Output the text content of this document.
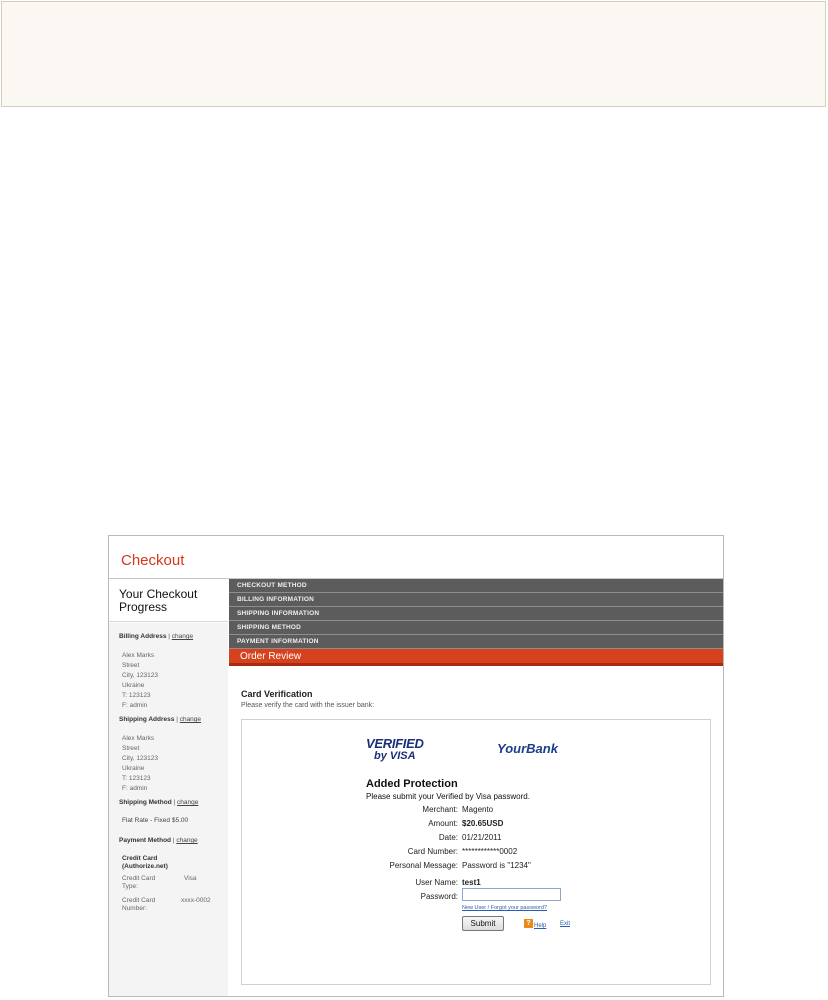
Checkout
Your Checkout Progress
Billing Address | change
Alex Marks
Street
City, 123123
Ukraine
T: 123123
F: admin
Shipping Address | change
Alex Marks
Street
City, 123123
Ukraine
T: 123123
F: admin
Shipping Method | change
Flat Rate - Fixed $5.00
Payment Method | change
Credit Card
(Authorize.net)
Credit Card
Type:
Visa
Credit Card
Number:
xxxx-0002
CHECKOUT METHOD
BILLING INFORMATION
SHIPPING INFORMATION
SHIPPING METHOD
PAYMENT INFORMATION
Order Review
Card Verification
Please verify the card with the issuer bank:
VERIFIED
by VISA	YourBank
Added Protection
Please submit your Verified by Visa password.
Merchant: Magento
Amount: $20.65USD
Date: 01/21/2011
Card Number: ************0002
Personal Message: Password is "1234"
User Name: test1
Password:
New User / Forgot your password?
Submit	? Help Exit
